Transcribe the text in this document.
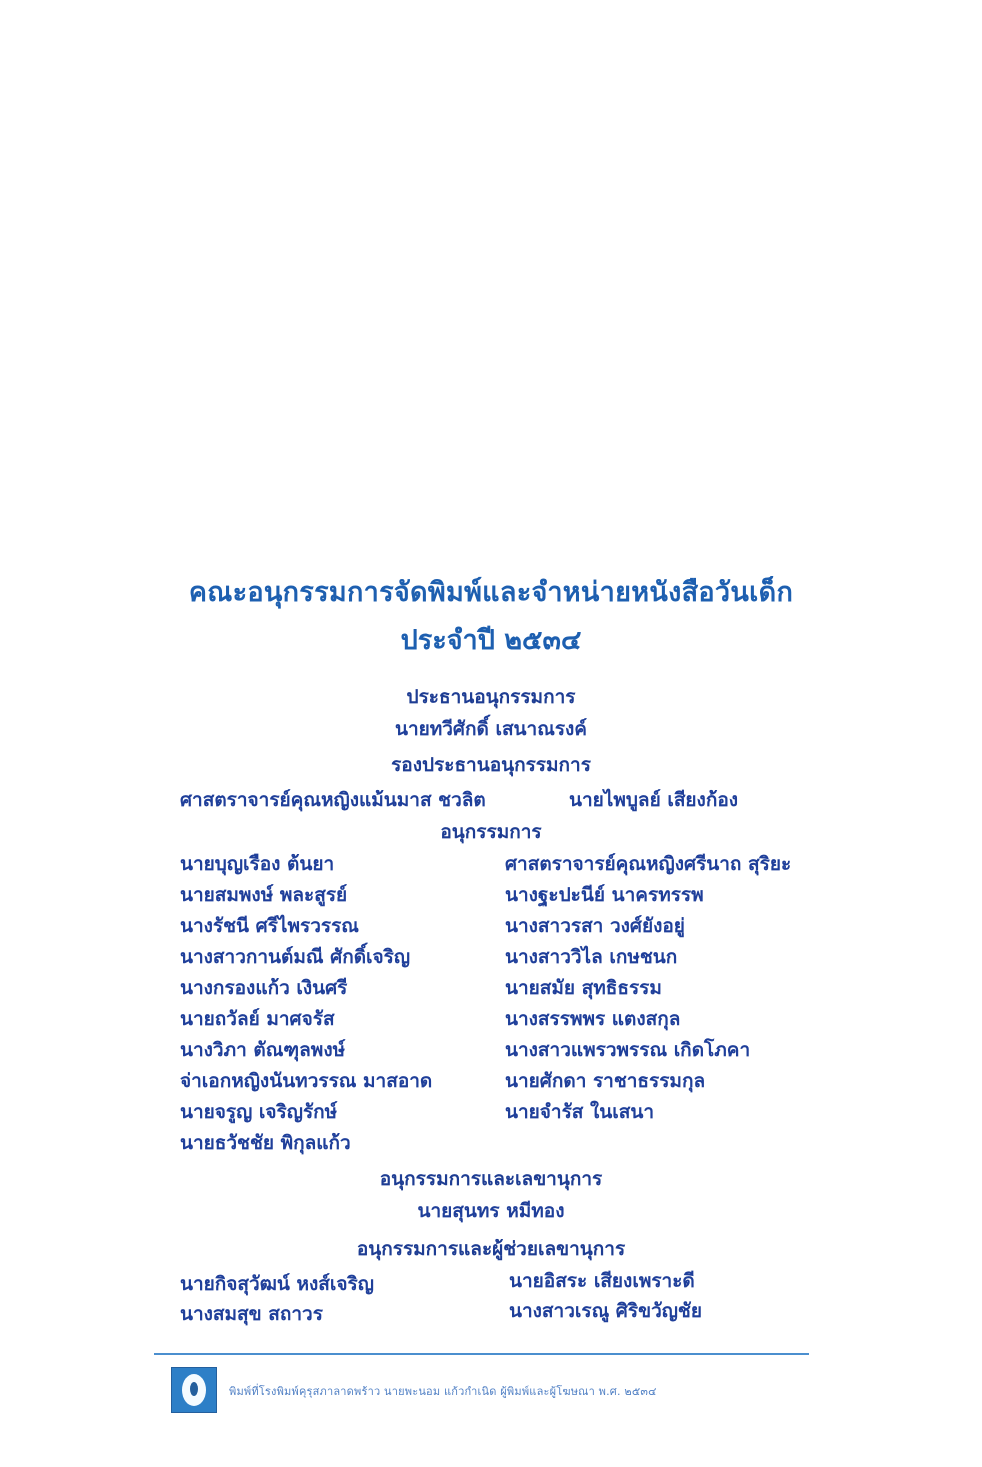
คณะอนุกรรมการจัดพิมพ์และจำหน่ายหนังสือวันเด็ก
ประจำปี ๒๕๓๔
ประธานอนุกรรมการ
นายทวีศักดิ์ เสนาณรงค์
รองประธานอนุกรรมการ
ศาสตราจารย์คุณหญิงแม้นมาส ชวลิต	นายไพบูลย์ เสียงก้อง
อนุกรรมการ
นายบุญเรือง ต้นยา
นายสมพงษ์ พละสูรย์
นางรัชนี ศรีไพรวรรณ
นางสาวกานต์มณี ศักดิ์เจริญ
นางกรองแก้ว เงินศรี
นายถวัลย์ มาศจรัส
นางวิภา ตัณฑุลพงษ์
จ่าเอกหญิงนันทวรรณ มาสอาด
นายจรูญ เจริญรักษ์
นายธวัชชัย พิกุลแก้ว
ศาสตราจารย์คุณหญิงศรีนาถ สุริยะ
นางฐะปะนีย์ นาครทรรพ
นางสาวรสา วงศ์ยังอยู่
นางสาววิไล เกษชนก
นายสมัย สุทธิธรรม
นางสรรพพร แตงสกุล
นางสาวแพรวพรรณ เกิดโภคา
นายศักดา ราชาธรรมกุล
นายจำรัส ในเสนา
อนุกรรมการและเลขานุการ
นายสุนทร หมีทอง
อนุกรรมการและผู้ช่วยเลขานุการ
นายกิจสุวัฒน์ หงส์เจริญ
นางสมสุข สถาวร
นายอิสระ เสียงเพราะดี
นางสาวเรณู ศิริขวัญชัย
พิมพ์ที่โรงพิมพ์คุรุสภาลาดพร้าว นายพะนอม แก้วกำเนิด ผู้พิมพ์และผู้โฆษณา พ.ศ. ๒๕๓๔
